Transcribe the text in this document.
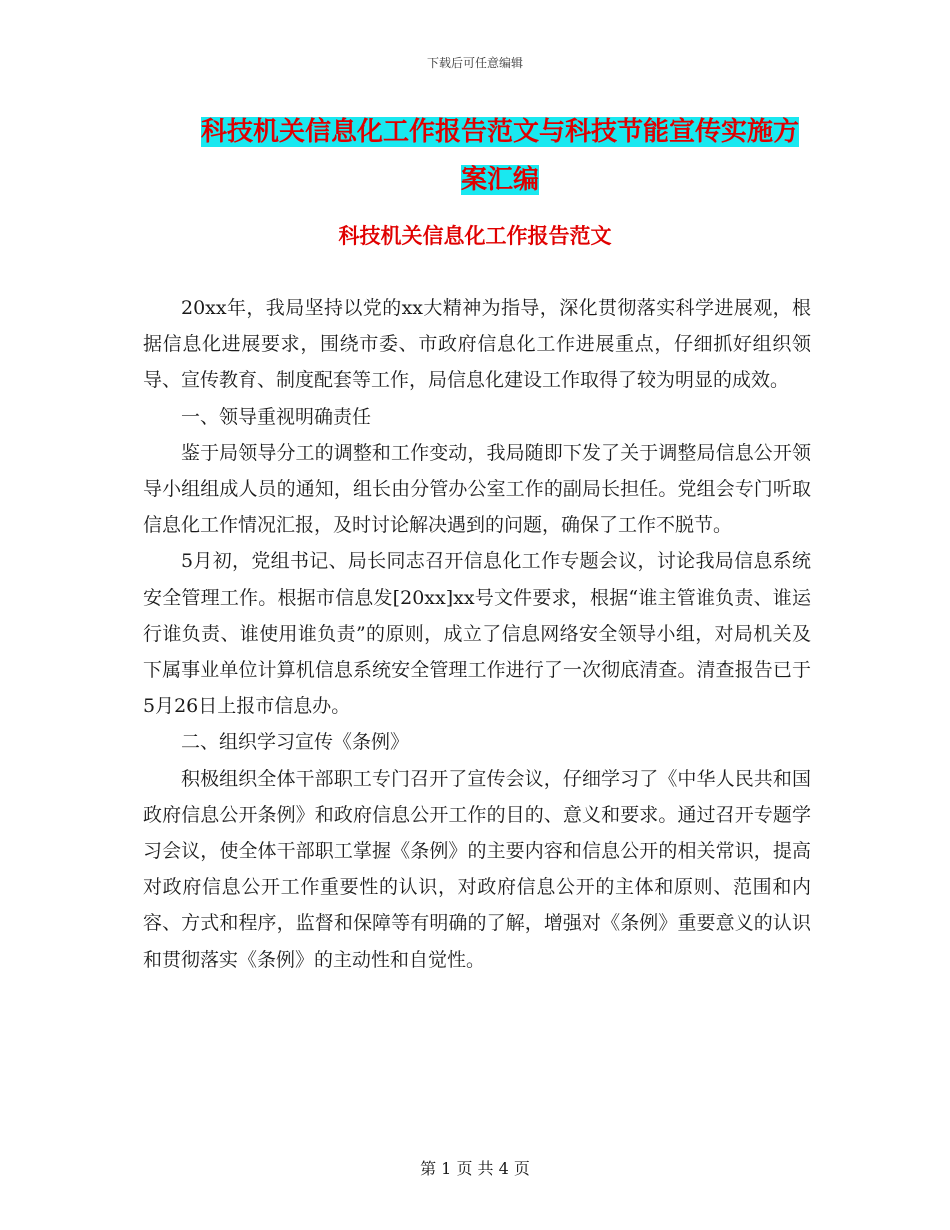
下载后可任意编辑
科技机关信息化工作报告范文与科技节能宣传实施方
案汇编
科技机关信息化工作报告范文

20xx年，我局坚持以党的xx大精神为指导，深化贯彻落实科学进展观，根据信息化进展要求，围绕市委、市政府信息化工作进展重点，仔细抓好组织领导、宣传教育、制度配套等工作，局信息化建设工作取得了较为明显的成效。

一、领导重视明确责任

鉴于局领导分工的调整和工作变动，我局随即下发了关于调整局信息公开领导小组组成人员的通知，组长由分管办公室工作的副局长担任。党组会专门听取信息化工作情况汇报，及时讨论解决遇到的问题，确保了工作不脱节。

5月初，党组书记、局长同志召开信息化工作专题会议，讨论我局信息系统安全管理工作。根据市信息发[20xx]xx号文件要求，根据“谁主管谁负责、谁运行谁负责、谁使用谁负责”的原则，成立了信息网络安全领导小组，对局机关及下属事业单位计算机信息系统安全管理工作进行了一次彻底清查。清查报告已于5月26日上报市信息办。

二、组织学习宣传《条例》

积极组织全体干部职工专门召开了宣传会议，仔细学习了《中华人民共和国政府信息公开条例》和政府信息公开工作的目的、意义和要求。通过召开专题学习会议，使全体干部职工掌握《条例》的主要内容和信息公开的相关常识，提高对政府信息公开工作重要性的认识，对政府信息公开的主体和原则、范围和内容、方式和程序，监督和保障等有明确的了解，增强对《条例》重要意义的认识和贯彻落实《条例》的主动性和自觉性。

第 1 页 共 4 页
